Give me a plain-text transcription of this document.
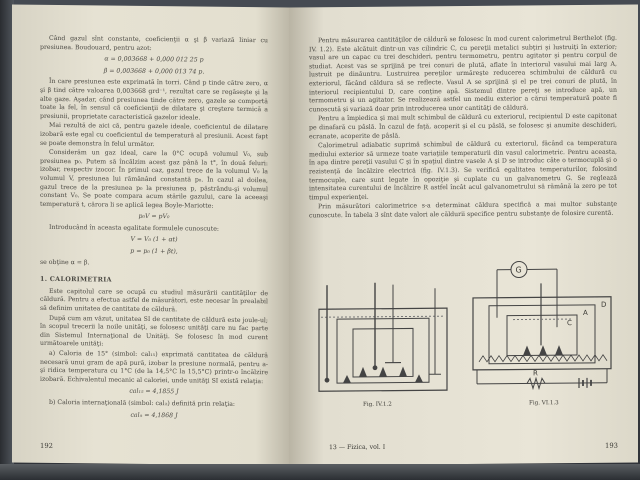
Când gazul sînt constante, coeficienţii α şi β variază liniar cu presiunea. Boudouard, pentru azot:

α = 0,003668 + 0,000 012 25 p
β = 0,003668 + 0,000 013 74 p.

În care presiunea este exprimată în torri. Când p tinde către zero, α şi β tind către valoarea 0,003668 grd⁻¹, rezultat care se regăseşte şi la alte gaze. Aşadar, când presiunea tinde către zero, gazele se comportă toate la fel, în sensul că coeficienţii de dilatare şi creştere termică a presiunii, proprietate caracteristică gazelor ideale.

Mai rezultă de aici că, pentru gazele ideale, coeficientul de dilatare izobară este egal cu coeficientul de temperatură al presiunii. Acest fapt se poate demonstra în felul următor.

Considerăm un gaz ideal, care la 0°C ocupă volumul V₀, sub presiunea p₀. Putem să încălzim acest gaz până la t°, în două feluri: izobar, respectiv izocor. În primul caz, gazul trece de la volumul V₀ la volumul V, presiunea lui rămânând constantă p₀. În cazul al doilea, gazul trece de la presiunea p₀ la presiunea p, păstrându-şi volumul constant V₀. Se poate compara acum stările gazului, care la aceeaşi temperatură t, cărora li se aplică legea Boyle-Mariotte:

p₀V = pV₀

Introducând în aceasta egalitate formulele cunoscute:

V = V₀ (1 + αt)
p = p₀ (1 + βt),

se obţine α = β.

1. CALORIMETRIA

Este capitolul care se ocupă cu studiul măsurării cantităţilor de căldură. Pentru a efectua astfel de măsurători, este necesar în prealabil să definim unitatea de cantitate de căldură.

După cum am văzut, unitatea SI de cantitate de căldură este joule-ul; în scopul trecerii la noile unităţi, se folosesc unităţi care nu fac parte din Sistemul Internaţional de Unităţi. Se folosesc în mod curent următoarele unităţi:

a) Caloria de 15° (simbol: cal₁₅) exprimată cantitatea de căldură necesară unui gram de apă pură, izobar la presiune normală, pentru a-şi ridica temperatura cu 1°C (de la 14,5°C la 15,5°C) printr-o încălzire izobară. Echivalentul mecanic al caloriei, unde unităţi SI există relaţia:

cal₁₅ = 4,1855 J

b) Caloria internaţională (simbol: calᵢₜ) definită prin relaţia:

calᵢₜ = 4,1868 J
192

Pentru măsurarea cantităţilor de căldură se folosesc în mod curent calorimetrul Berthelot (fig. IV. 1.2). Este alcătuit dintr-un vas cilindric C, cu pereţii metalici subţiri şi lustruiţi în exterior; vasul are un capac cu trei deschideri, pentru termometru, pentru agitator şi pentru corpul de studiat. Acest vas se sprijină pe trei conuri de plută, aflate în interiorul vasului mai larg A, lustruit pe dinăuntru. Lustruirea pereţilor urmăreşte reducerea schimbului de căldură cu exteriorul, făcând căldura să se reflecte. Vasul A se sprijină şi el pe trei conuri de plută, în interiorul recipientului D, care conţine apă. Sistemul dintre pereţi se introduce apă, un termometru şi un agitator. Se realizează astfel un mediu exterior a cărui temperatură poate fi cunoscută şi variază doar prin introducerea unor cantităţi de căldură.

Pentru a împiedica şi mai mult schimbul de căldură cu exteriorul, recipientul D este capitonat pe dinafară cu pâslă. În cazul de faţă, acoperit şi el cu pâslă, se folosesc şi anumite deschideri, ecranate, acoperite de pâslă.

Calorimetrul adiabatic suprimă schimbul de căldură cu exteriorul, făcând ca temperatura mediului exterior să urmeze toate variaţiile temperaturii din vasul calorimetric. Pentru aceasta, în apa dintre pereţii vasului C şi în spaţiul dintre vasele A şi D se introduc câte o termocuplă şi o rezistenţă de încălzire electrică (fig. IV.1.3). Se verifică egalitatea temperaturilor, folosind termocuple, care sunt legate în opoziţie şi cuplate cu un galvanometru G. Se reglează intensitatea curentului de încălzire R astfel încât acul galvanometrului să rămână la zero pe tot timpul experienţei.

Prin măsurători calorimetrice s-a determinat căldura specifică a mai multor substanţe cunoscute. În tabela 3 sînt date valori ale căldurii specifice pentru substanţe de folosire curentă.

Fig. IV.1.2
G
A
C
D
R
Fig. VI.1.3
13 — Fizica, vol. I	193
